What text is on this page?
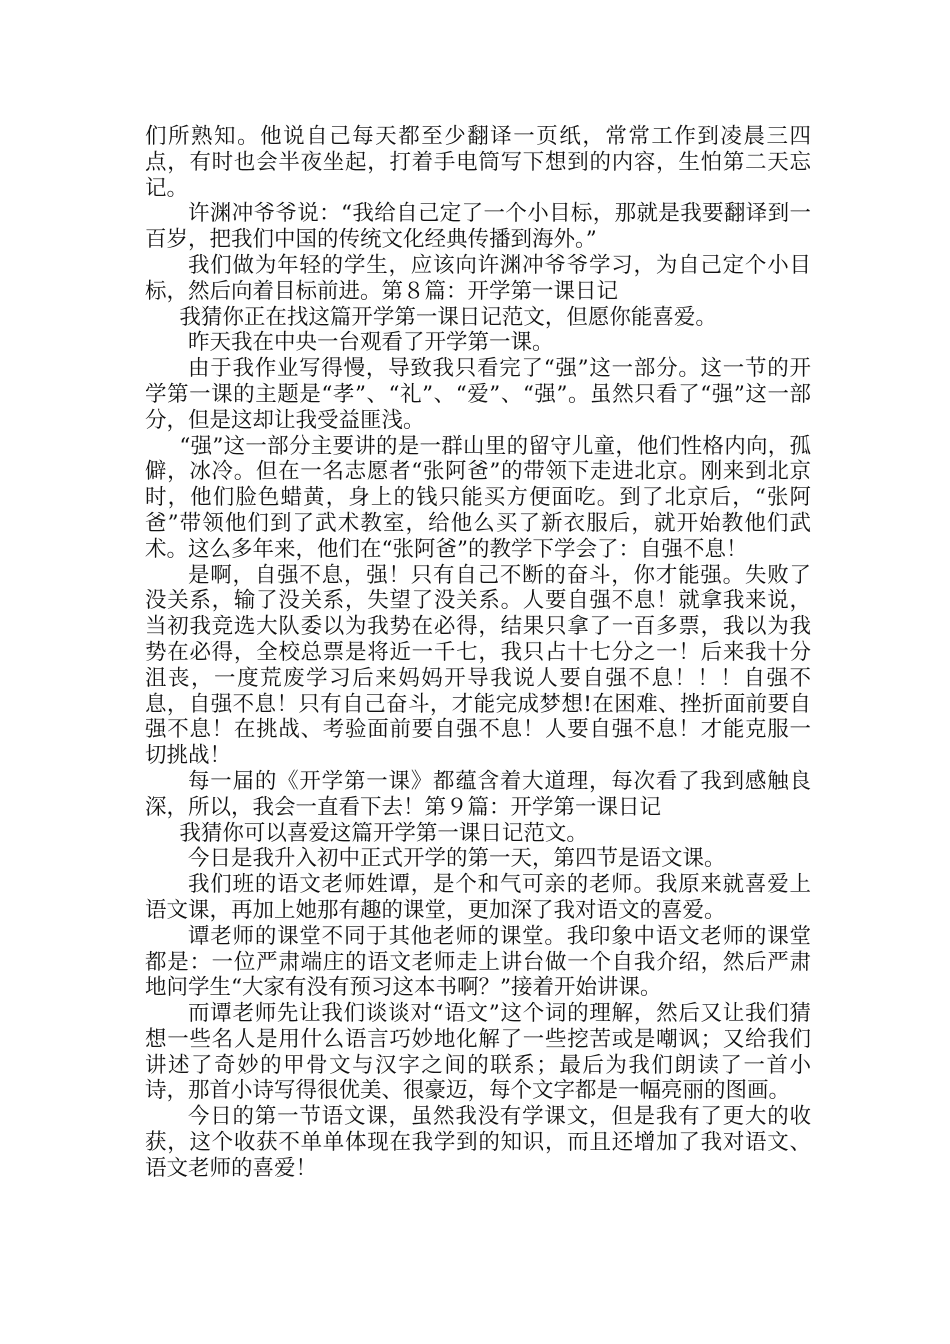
们所熟知。他说自己每天都至少翻译一页纸，常常工作到凌晨三四点，有时也会半夜坐起，打着手电筒写下想到的内容，生怕第二天忘记。

许渊冲爷爷说：“我给自己定了一个小目标，那就是我要翻译到一百岁，把我们中国的传统文化经典传播到海外。”

我们做为年轻的学生，应该向许渊冲爷爷学习，为自己定个小目标，然后向着目标前进。第８篇：开学第一课日记

我猜你正在找这篇开学第一课日记范文，但愿你能喜爱。

昨天我在中央一台观看了开学第一课。

由于我作业写得慢，导致我只看完了“强”这一部分。这一节的开学第一课的主题是“孝”、“礼”、“爱”、“强”。虽然只看了“强”这一部分，但是这却让我受益匪浅。

“强”这一部分主要讲的是一群山里的留守儿童，他们性格内向，孤僻，冰冷。但在一名志愿者“张阿爸”的带领下走进北京。刚来到北京时，他们脸色蜡黄，身上的钱只能买方便面吃。到了北京后，“张阿爸”带领他们到了武术教室，给他么买了新衣服后，就开始教他们武术。这么多年来，他们在“张阿爸”的教学下学会了：自强不息！

是啊，自强不息，强！只有自己不断的奋斗，你才能强。失败了没关系，输了没关系，失望了没关系。人要自强不息！就拿我来说，当初我竞选大队委以为我势在必得，结果只拿了一百多票，我以为我势在必得，全校总票是将近一千七，我只占十七分之一！后来我十分沮丧，一度荒废学习后来妈妈开导我说人要自强不息！！！自强不息，自强不息！只有自己奋斗，才能完成梦想!在困难、挫折面前要自强不息！在挑战、考验面前要自强不息！人要自强不息！才能克服一切挑战！

每一届的《开学第一课》都蕴含着大道理，每次看了我到感触良深，所以，我会一直看下去！第９篇：开学第一课日记

我猜你可以喜爱这篇开学第一课日记范文。

今日是我升入初中正式开学的第一天，第四节是语文课。

我们班的语文老师姓谭，是个和气可亲的老师。我原来就喜爱上语文课，再加上她那有趣的课堂，更加深了我对语文的喜爱。

谭老师的课堂不同于其他老师的课堂。我印象中语文老师的课堂都是：一位严肃端庄的语文老师走上讲台做一个自我介绍，然后严肃地问学生“大家有没有预习这本书啊？”接着开始讲课。

而谭老师先让我们谈谈对“语文”这个词的理解，然后又让我们猜想一些名人是用什么语言巧妙地化解了一些挖苦或是嘲讽；又给我们讲述了奇妙的甲骨文与汉字之间的联系；最后为我们朗读了一首小诗，那首小诗写得很优美、很豪迈，每个文字都是一幅亮丽的图画。

今日的第一节语文课，虽然我没有学课文，但是我有了更大的收获，这个收获不单单体现在我学到的知识，而且还增加了我对语文、语文老师的喜爱！
